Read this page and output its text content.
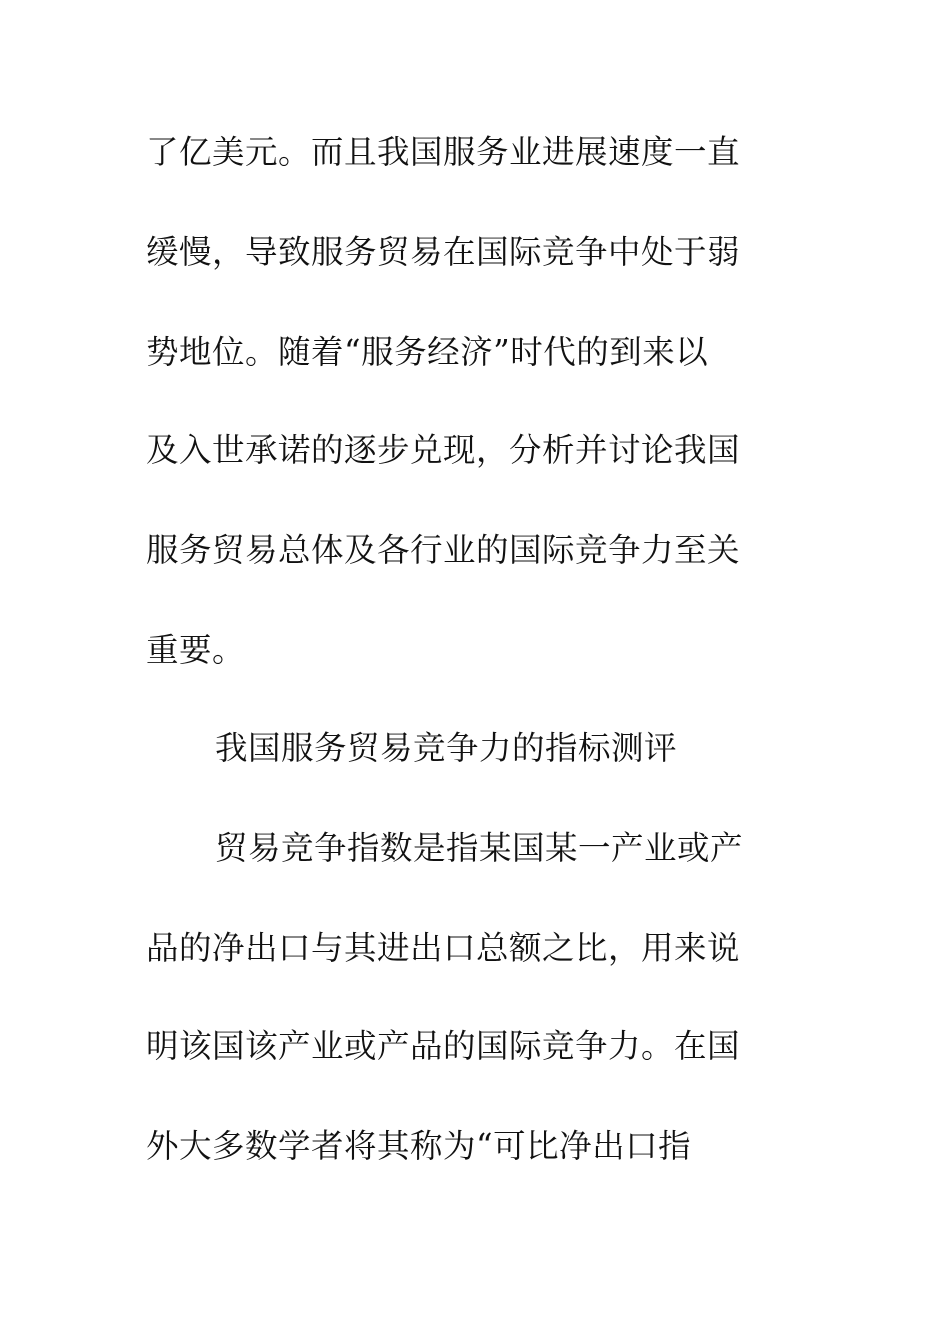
了亿美元。而且我国服务业进展速度一直
缓慢，导致服务贸易在国际竞争中处于弱
势地位。随着“服务经济”时代的到来以
及入世承诺的逐步兑现，分析并讨论我国
服务贸易总体及各行业的国际竞争力至关
重要。
我国服务贸易竞争力的指标测评
贸易竞争指数是指某国某一产业或产
品的净出口与其进出口总额之比，用来说
明该国该产业或产品的国际竞争力。在国
外大多数学者将其称为“可比净出口指
